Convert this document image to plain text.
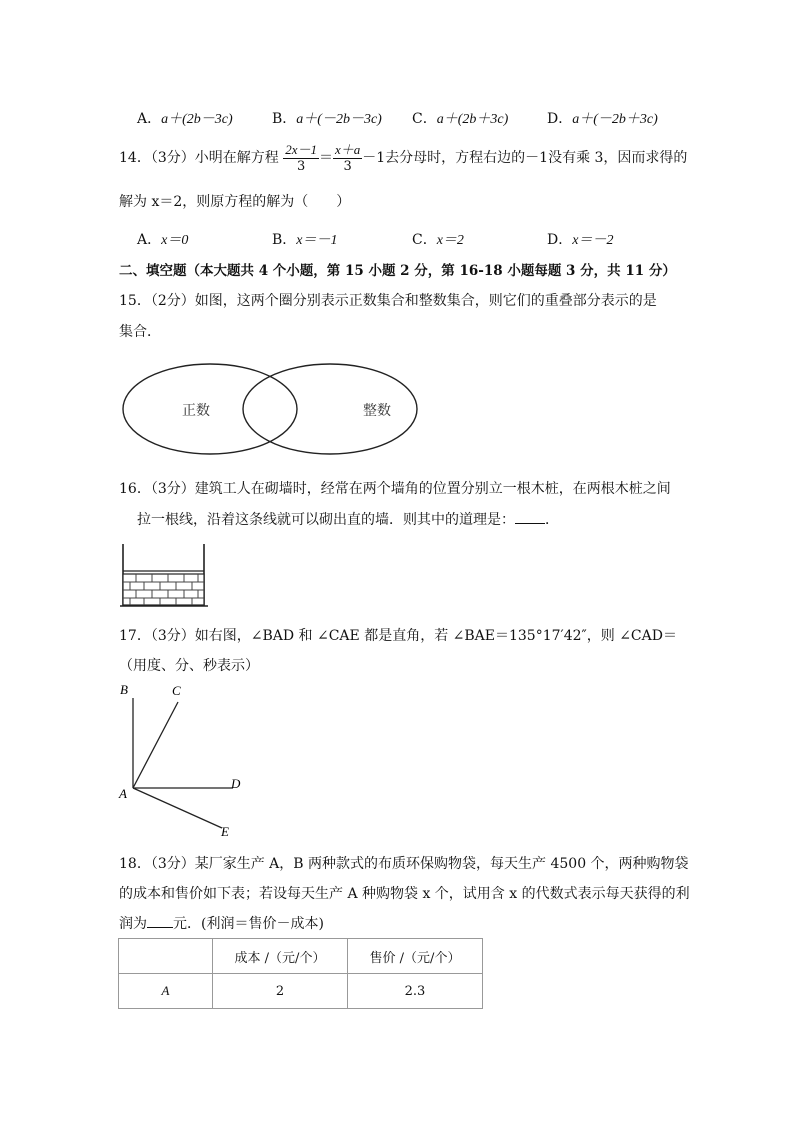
A．a＋(2b－3c)	B．a＋(－2b－3c) C．a＋(2b＋3c)	D．a＋(－2b＋3c)
14．（3分）小明在解方程 $\frac{2x-1}{3} = \frac{x+a}{3} -1$去分母时，方程右边的－1没有乘 3，因而求得的
解为 x＝2，则原方程的解为（　　）
A．x＝0	B．x＝－1	C．x＝2	D．x＝－2
二、填空题（本大题共 4 个小题，第 15 小题 2 分，第 16-18 小题每题 3 分，共 11 分）
15．（2分）如图，这两个圈分别表示正数集合和整数集合，则它们的重叠部分表示的是
集合．
正数	整数
16．（3分）建筑工人在砌墙时，经常在两个墙角的位置分别立一根木桩，在两根木桩之间
拉一根线，沿着这条线就可以砌出直的墙．则其中的道理是： ．
17．（3分）如右图，∠BAD 和 ∠CAE 都是直角，若 ∠BAE＝135°17′42″，则 ∠CAD＝
（用度、分、秒表示）
B	C
A
D
E
18．（3分）某厂家生产 A，B 两种款式的布质环保购物袋，每天生产 4500 个，两种购物袋
的成本和售价如下表；若设每天生产 A 种购物袋 x 个，试用含 x 的代数式表示每天获得的利
润为 元．(利润＝售价－成本)
	成本 /（元/个）	售价 /（元/个）
A	2	2.3
